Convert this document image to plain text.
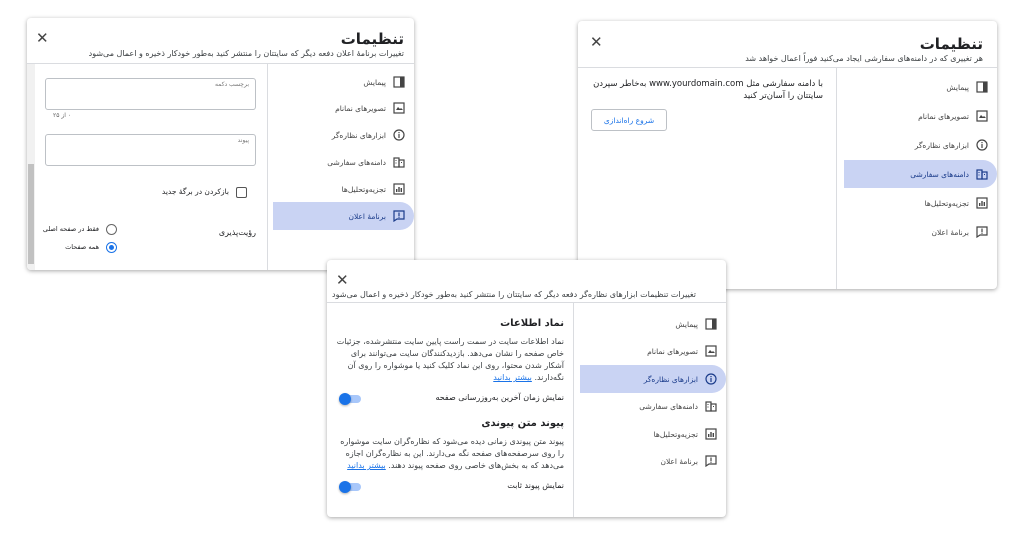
✕	تنظیمات
تغییرات برنامهٔ اعلان دفعه دیگر که سایتتان را منتشر کنید به‌طور خودکار ذخیره و اعمال می‌شود
برچسب دکمه
۰ از ۲۵
پیوند
بازکردن در برگهٔ جدید
رؤیت‌پذیری
فقط در صفحه اصلی
همه صفحات
پیمایش
تصویرهای نمانام
ابزارهای نظاره‌گر
دامنه‌های سفارشی
تجزیه‌وتحلیل‌ها
برنامهٔ اعلان
✕	تنظیمات
هر تغییری که در دامنه‌های سفارشی ایجاد می‌کنید فوراً اعمال خواهد شد
با دامنه سفارشی مثل www.yourdomain.com به‌خاطر سپردن
سایتتان را آسان‌تر کنید
شروع راه‌اندازی
پیمایش
تصویرهای نمانام
ابزارهای نظاره‌گر
دامنه‌های سفارشی
تجزیه‌وتحلیل‌ها
برنامهٔ اعلان
✕
تغییرات تنظیمات ابزارهای نظاره‌گر دفعه دیگر که سایتتان را منتشر کنید به‌طور خودکار ذخیره و اعمال می‌شود
نماد اطلاعات
نماد اطلاعات سایت در سمت راست پایین سایت منتشرشده، جزئیات
خاص صفحه را نشان می‌دهد. بازدیدکنندگان سایت می‌توانند برای
آشکار شدن محتوا، روی این نماد کلیک کنید یا موشواره را روی آن
نگه‌دارند. بیشتر بدانید
نمایش زمان آخرین به‌روزرسانی صفحه
پیوند متن پیوندی
پیوند متن پیوندی زمانی دیده می‌شود که نظاره‌گران سایت موشواره
را روی سرصفحه‌های صفحه نگه می‌دارند. این به نظاره‌گران اجازه
می‌دهد که به بخش‌های خاصی روی صفحه پیوند دهند. بیشتر بدانید
نمایش پیوند ثابت
پیمایش
تصویرهای نمانام
ابزارهای نظاره‌گر
دامنه‌های سفارشی
تجزیه‌وتحلیل‌ها
برنامهٔ اعلان
